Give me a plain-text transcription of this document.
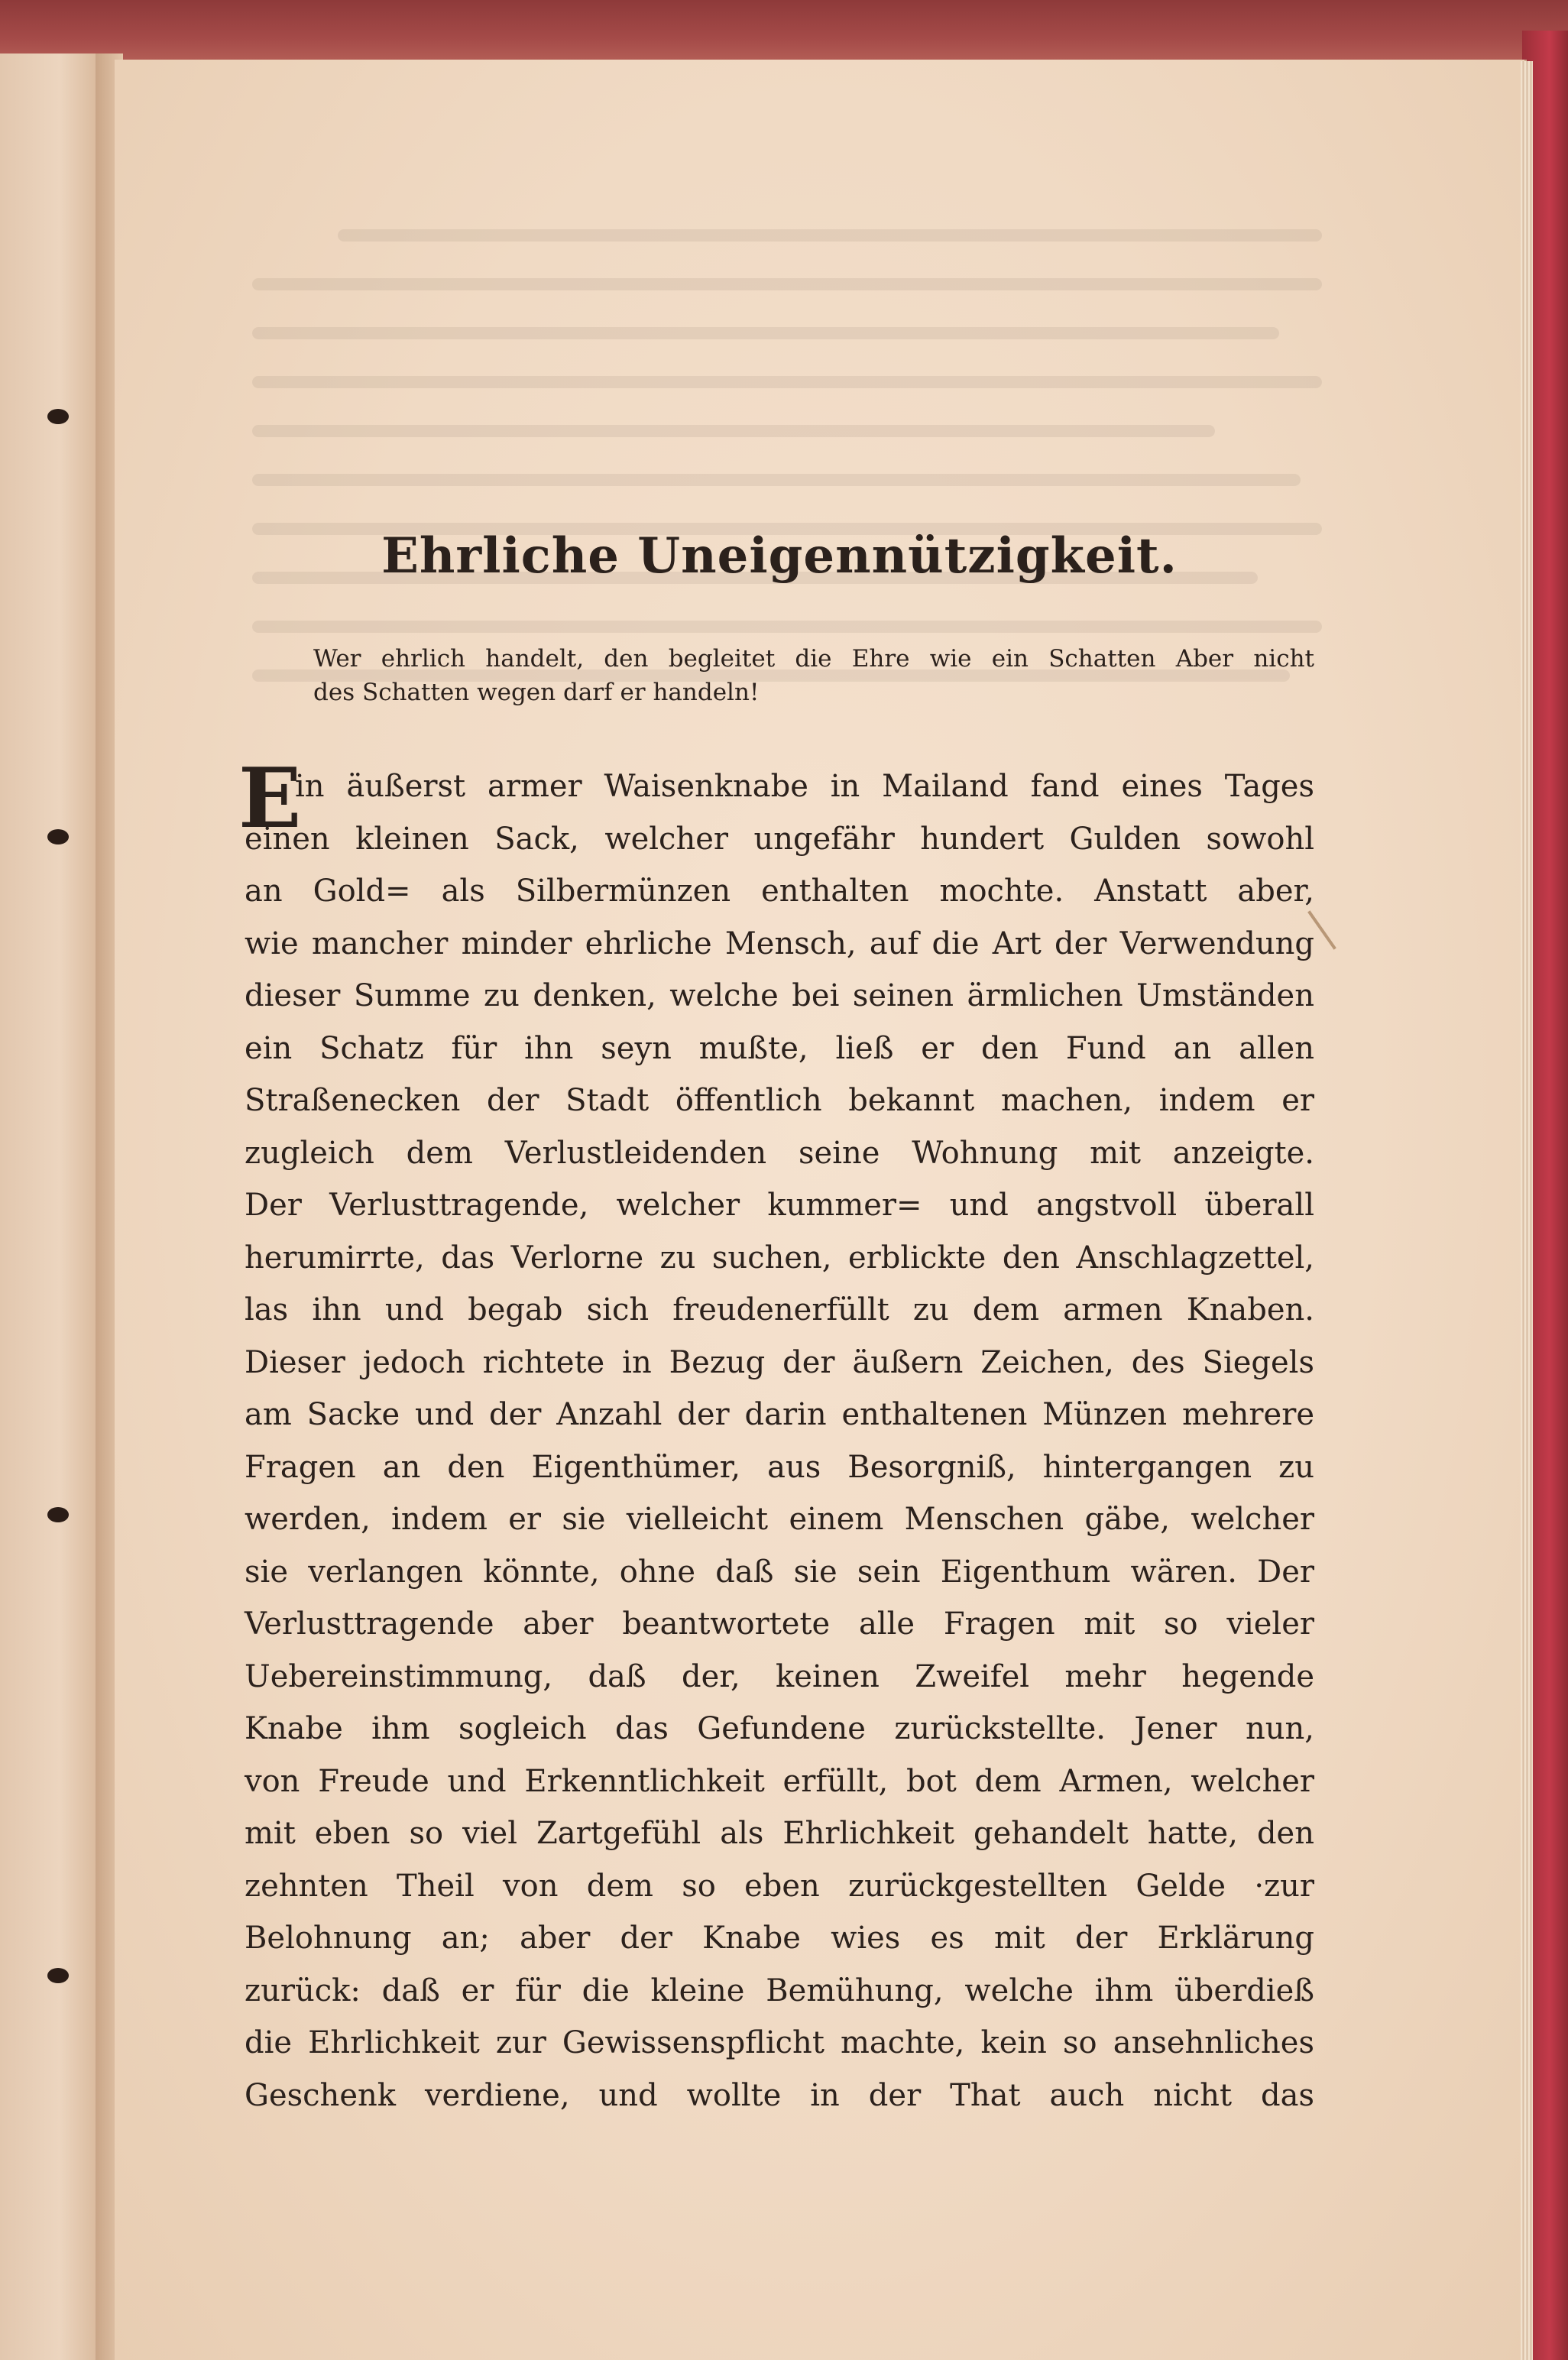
Ehrliche Uneigennützigkeit.
Wer ehrlich handelt, den begleitet die Ehre wie ein Schatten Aber nicht
des Schatten wegen darf er handeln!
E
in äußerst armer Waisenknabe in Mailand fand eines Tages
einen kleinen Sack, welcher ungefähr hundert Gulden sowohl
an Gold= als Silbermünzen enthalten mochte. Anstatt aber,
wie mancher minder ehrliche Mensch, auf die Art der Verwendung
dieser Summe zu denken, welche bei seinen ärmlichen Umständen
ein Schatz für ihn seyn mußte, ließ er den Fund an allen
Straßenecken der Stadt öffentlich bekannt machen, indem er
zugleich dem Verlustleidenden seine Wohnung mit anzeigte.
Der Verlusttragende, welcher kummer= und angstvoll überall
herumirrte, das Verlorne zu suchen, erblickte den Anschlagzettel,
las ihn und begab sich freudenerfüllt zu dem armen Knaben.
Dieser jedoch richtete in Bezug der äußern Zeichen, des Siegels
am Sacke und der Anzahl der darin enthaltenen Münzen mehrere
Fragen an den Eigenthümer, aus Besorgniß, hintergangen zu
werden, indem er sie vielleicht einem Menschen gäbe, welcher
sie verlangen könnte, ohne daß sie sein Eigenthum wären. Der
Verlusttragende aber beantwortete alle Fragen mit so vieler
Uebereinstimmung, daß der, keinen Zweifel mehr hegende
Knabe ihm sogleich das Gefundene zurückstellte. Jener nun,
von Freude und Erkenntlichkeit erfüllt, bot dem Armen, welcher
mit eben so viel Zartgefühl als Ehrlichkeit gehandelt hatte, den
zehnten Theil von dem so eben zurückgestellten Gelde ·zur
Belohnung an; aber der Knabe wies es mit der Erklärung
zurück: daß er für die kleine Bemühung, welche ihm überdieß
die Ehrlichkeit zur Gewissenspflicht machte, kein so ansehnliches
Geschenk verdiene, und wollte in der That auch nicht das
